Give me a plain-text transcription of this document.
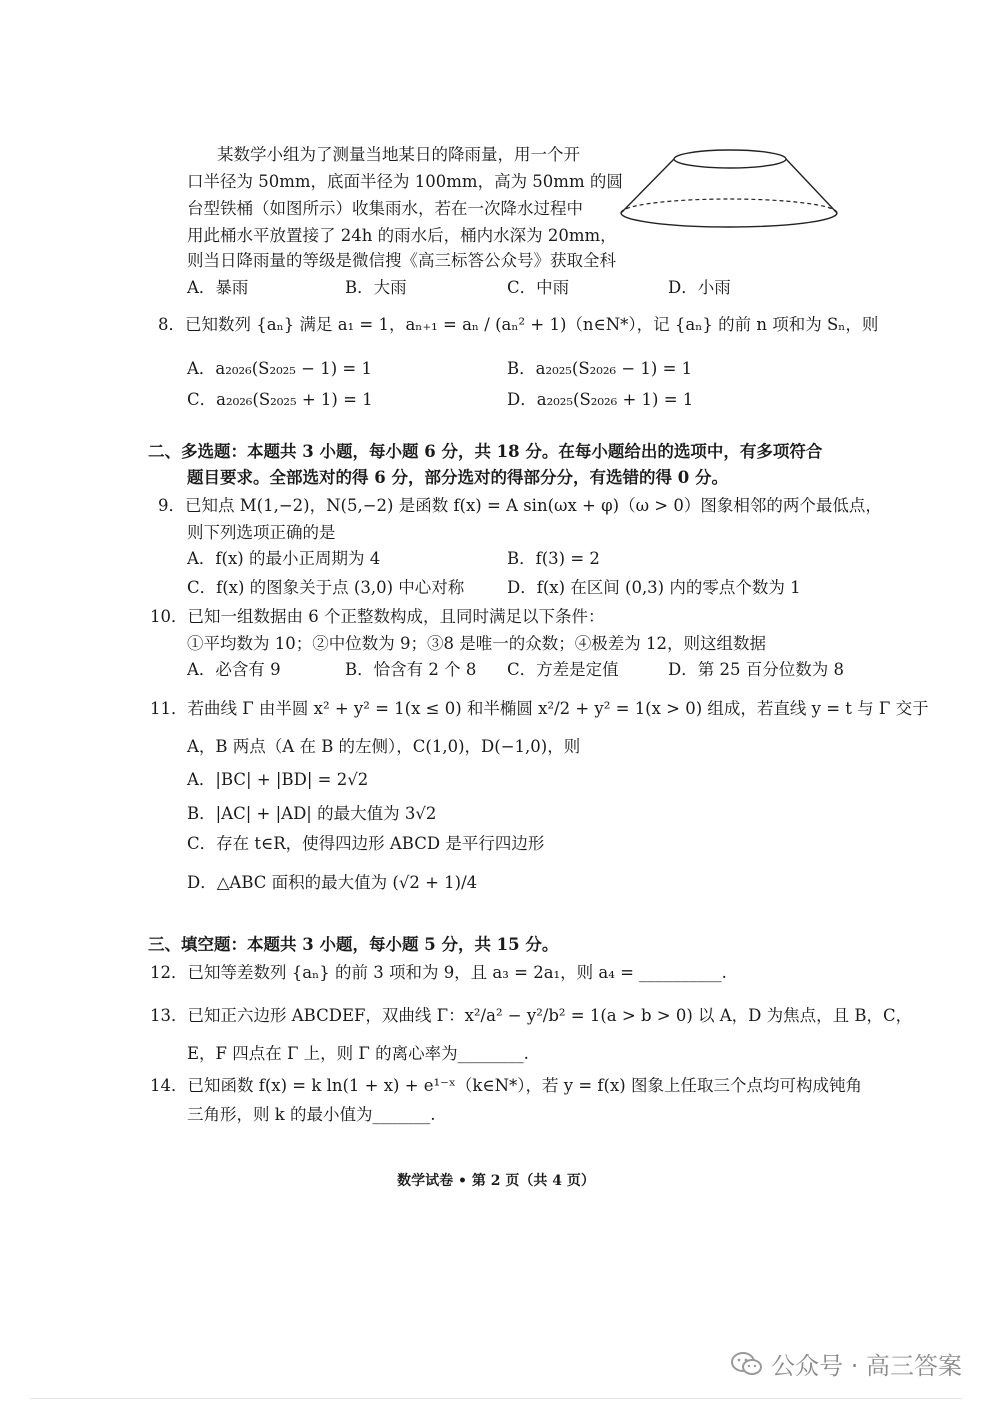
某数学小组为了测量当地某日的降雨量，用一个开
口半径为 50mm，底面半径为 100mm，高为 50mm 的圆
台型铁桶（如图所示）收集雨水，若在一次降水过程中
用此桶水平放置接了 24h 的雨水后，桶内水深为 20mm，
则当日降雨量的等级是微信搜《高三标答公众号》获取全科
A．暴雨	B．大雨	C．中雨	D．小雨
8．已知数列 {aₙ} 满足 a₁ = 1，aₙ₊₁ = aₙ / (aₙ² + 1)（n∈N*），记 {aₙ} 的前 n 项和为 Sₙ，则
A．a₂₀₂₆(S₂₀₂₅ − 1) = 1	B．a₂₀₂₅(S₂₀₂₆ − 1) = 1
C．a₂₀₂₆(S₂₀₂₅ + 1) = 1	D．a₂₀₂₅(S₂₀₂₆ + 1) = 1
二、多选题：本题共 3 小题，每小题 6 分，共 18 分。在每小题给出的选项中，有多项符合
题目要求。全部选对的得 6 分，部分选对的得部分分，有选错的得 0 分。
9．已知点 M(1,−2)，N(5,−2) 是函数 f(x) = A sin(ωx + φ)（ω > 0）图象相邻的两个最低点，
则下列选项正确的是
A．f(x) 的最小正周期为 4	B．f(3) = 2
C．f(x) 的图象关于点 (3,0) 中心对称	D．f(x) 在区间 (0,3) 内的零点个数为 1
10．已知一组数据由 6 个正整数构成，且同时满足以下条件：
①平均数为 10；②中位数为 9；③8 是唯一的众数；④极差为 12，则这组数据
A．必含有 9	B．恰含有 2 个 8 C．方差是定值	D．第 25 百分位数为 8
11．若曲线 Γ 由半圆 x² + y² = 1(x ≤ 0) 和半椭圆 x²/2 + y² = 1(x > 0) 组成，若直线 y = t 与 Γ 交于
A，B 两点（A 在 B 的左侧），C(1,0)，D(−1,0)，则
A．|BC| + |BD| = 2√2
B．|AC| + |AD| 的最大值为 3√2
C．存在 t∈R，使得四边形 ABCD 是平行四边形
D．△ABC 面积的最大值为 (√2 + 1)/4
三、填空题：本题共 3 小题，每小题 5 分，共 15 分。
12．已知等差数列 {aₙ} 的前 3 项和为 9，且 a₃ = 2a₁，则 a₄ = __________.
13．已知正六边形 ABCDEF，双曲线 Γ：x²/a² − y²/b² = 1(a > b > 0) 以 A，D 为焦点，且 B，C，
E，F 四点在 Γ 上，则 Γ 的离心率为________.
14．已知函数 f(x) = k ln(1 + x) + e¹⁻ˣ（k∈N*），若 y = f(x) 图象上任取三个点均可构成钝角
三角形，则 k 的最小值为_______.
数学试卷 • 第 2 页（共 4 页）
公众号 · 高三答案
